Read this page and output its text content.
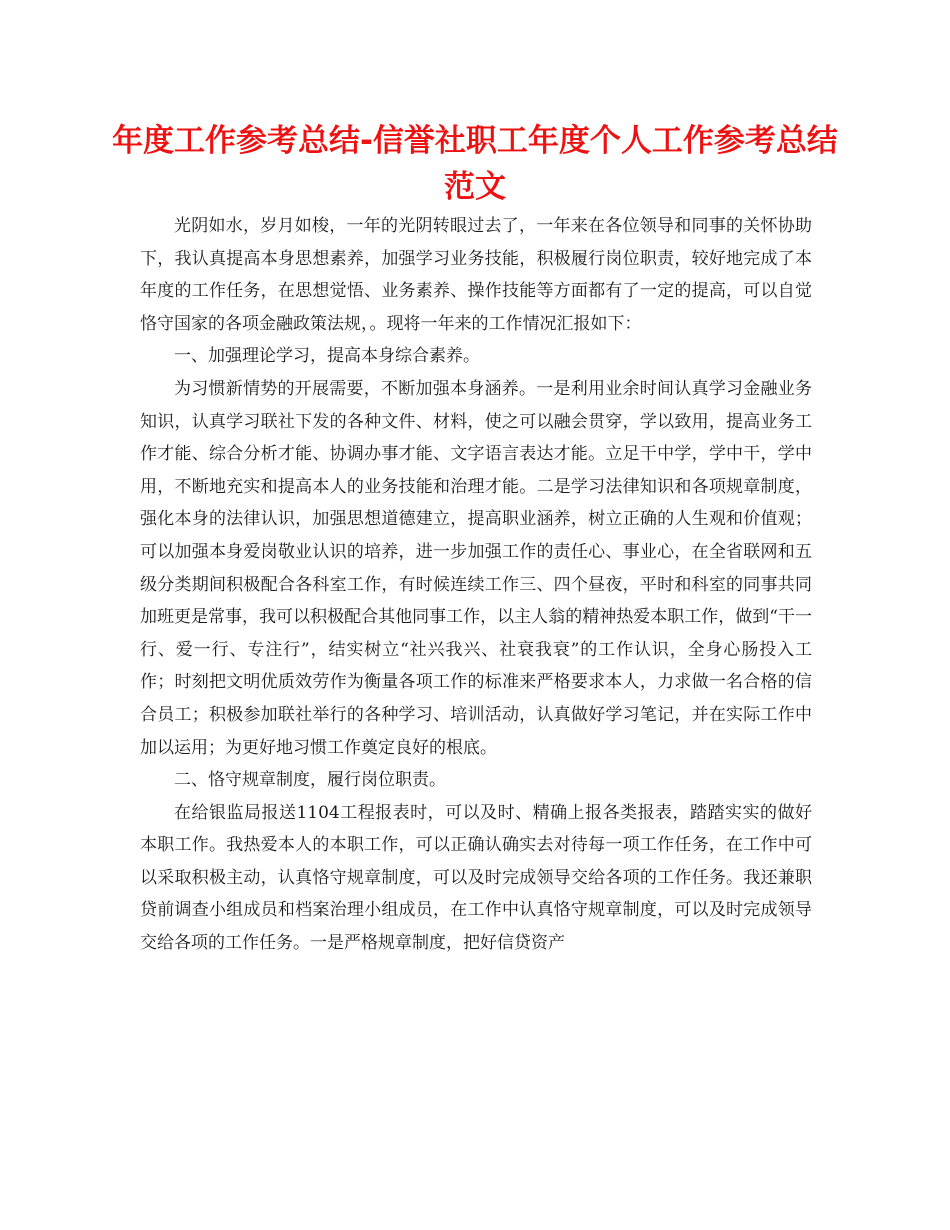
年度工作参考总结-信誉社职工年度个人工作参考总结范文

光阴如水，岁月如梭，一年的光阴转眼过去了，一年来在各位领导和同事的关怀协助下，我认真提高本身思想素养，加强学习业务技能，积极履行岗位职责，较好地完成了本年度的工作任务，在思想觉悟、业务素养、操作技能等方面都有了一定的提高，可以自觉恪守国家的各项金融政策法规，。现将一年来的工作情况汇报如下：

一、加强理论学习，提高本身综合素养。

为习惯新情势的开展需要，不断加强本身涵养。一是利用业余时间认真学习金融业务知识，认真学习联社下发的各种文件、材料，使之可以融会贯穿，学以致用，提高业务工作才能、综合分析才能、协调办事才能、文字语言表达才能。立足干中学，学中干，学中用，不断地充实和提高本人的业务技能和治理才能。二是学习法律知识和各项规章制度，强化本身的法律认识，加强思想道德建立，提高职业涵养，树立正确的人生观和价值观；可以加强本身爱岗敬业认识的培养，进一步加强工作的责任心、事业心，在全省联网和五级分类期间积极配合各科室工作，有时候连续工作三、四个昼夜，平时和科室的同事共同加班更是常事，我可以积极配合其他同事工作，以主人翁的精神热爱本职工作，做到“干一行、爱一行、专注行”，结实树立“社兴我兴、社衰我衰”的工作认识，全身心肠投入工作；时刻把文明优质效劳作为衡量各项工作的标准来严格要求本人，力求做一名合格的信合员工；积极参加联社举行的各种学习、培训活动，认真做好学习笔记，并在实际工作中加以运用；为更好地习惯工作奠定良好的根底。

二、恪守规章制度，履行岗位职责。

在给银监局报送1104工程报表时，可以及时、精确上报各类报表，踏踏实实的做好本职工作。我热爱本人的本职工作，可以正确认确实去对待每一项工作任务，在工作中可以采取积极主动，认真恪守规章制度，可以及时完成领导交给各项的工作任务。我还兼职贷前调查小组成员和档案治理小组成员，在工作中认真恪守规章制度，可以及时完成领导交给各项的工作任务。一是严格规章制度，把好信贷资产
